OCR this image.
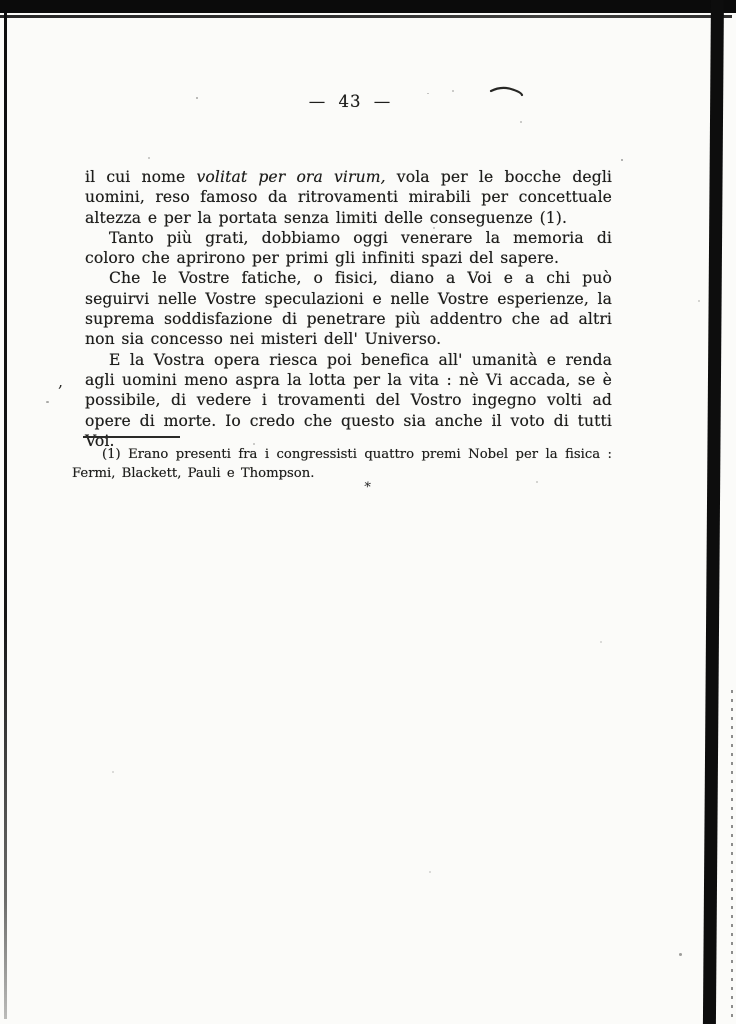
— 43 —

il cui nome volitat per ora virum, vola per le bocche degli uomini, reso famoso da ritrovamenti mirabili per concettuale altezza e per la portata senza limiti delle conseguenze (1).

Tanto più grati, dobbiamo oggi venerare la memoria di coloro che aprirono per primi gli infiniti spazi del sapere.

Che le Vostre fatiche, o fisici, diano a Voi e a chi può seguirvi nelle Vostre speculazioni e nelle Vostre esperienze, la suprema soddisfazione di penetrare più addentro che ad altri non sia concesso nei misteri dell' Universo.

E la Vostra opera riesca poi benefica all' umanità e renda agli uomini meno aspra la lotta per la vita : nè Vi accada, se è possibile, di vedere i trovamenti del Vostro ingegno volti ad opere di morte. Io credo che questo sia anche il voto di tutti Voi.

(1) Erano presenti fra i congressisti quattro premi Nobel per la fisica : Fermi, Blackett, Pauli e Thompson.
,
*
